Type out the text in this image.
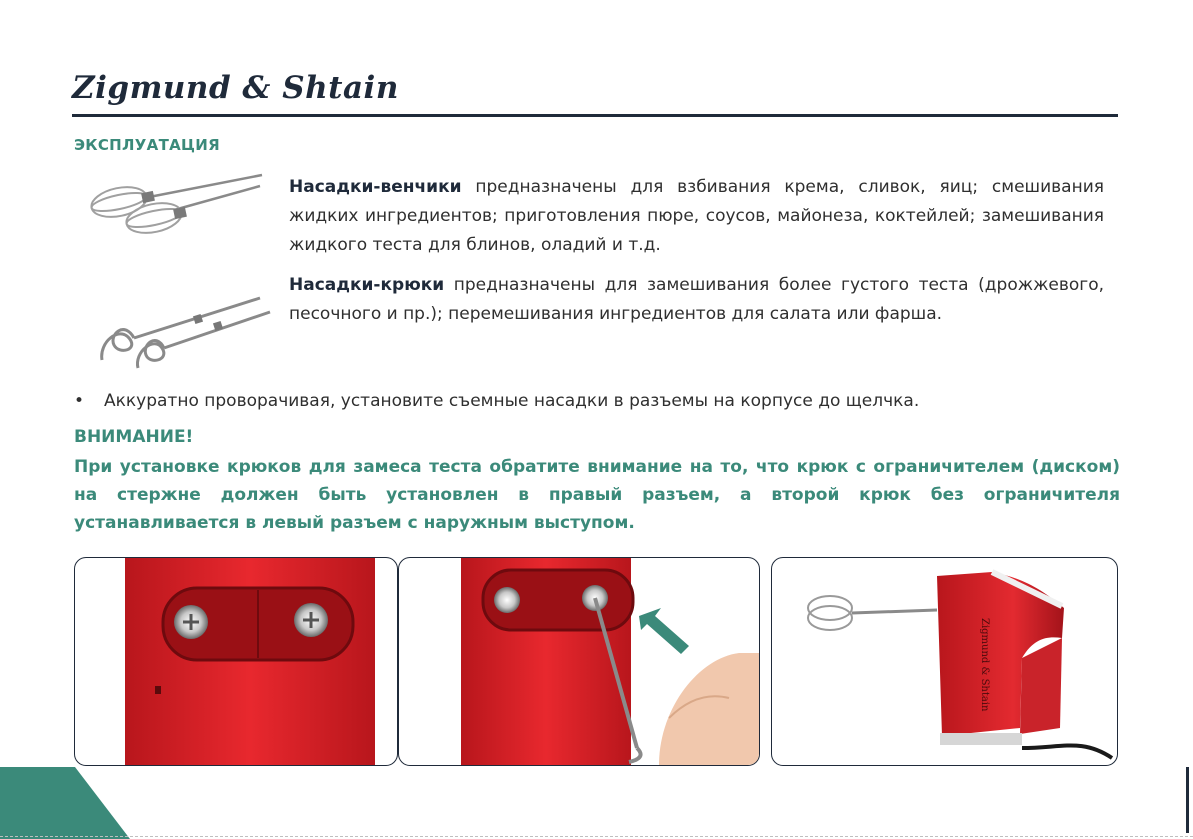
Zigmund & Shtain
ЭКСПЛУАТАЦИЯ
Насадки-венчики предназначены для взбивания крема, сливок, яиц; смешивания жидких ингредиентов; приготовления пюре, соусов, майонеза, коктейлей; замешивания жидкого теста для блинов, оладий и т.д.
Насадки-крюки предназначены для замешивания более густого теста (дрожжевого, песочного и пр.); перемешивания ингредиентов для салата или фарша.
• Аккуратно проворачивая, установите съемные насадки в разъемы на корпусе до щелчка.
ВНИМАНИЕ!
При установке крюков для замеса теста обратите внимание на то, что крюк с ограничителем (диском) на стержне должен быть установлен в правый разъем, а второй крюк без ограничителя устанавливается в левый разъем с наружным выступом.
Zigmund & Shtain
